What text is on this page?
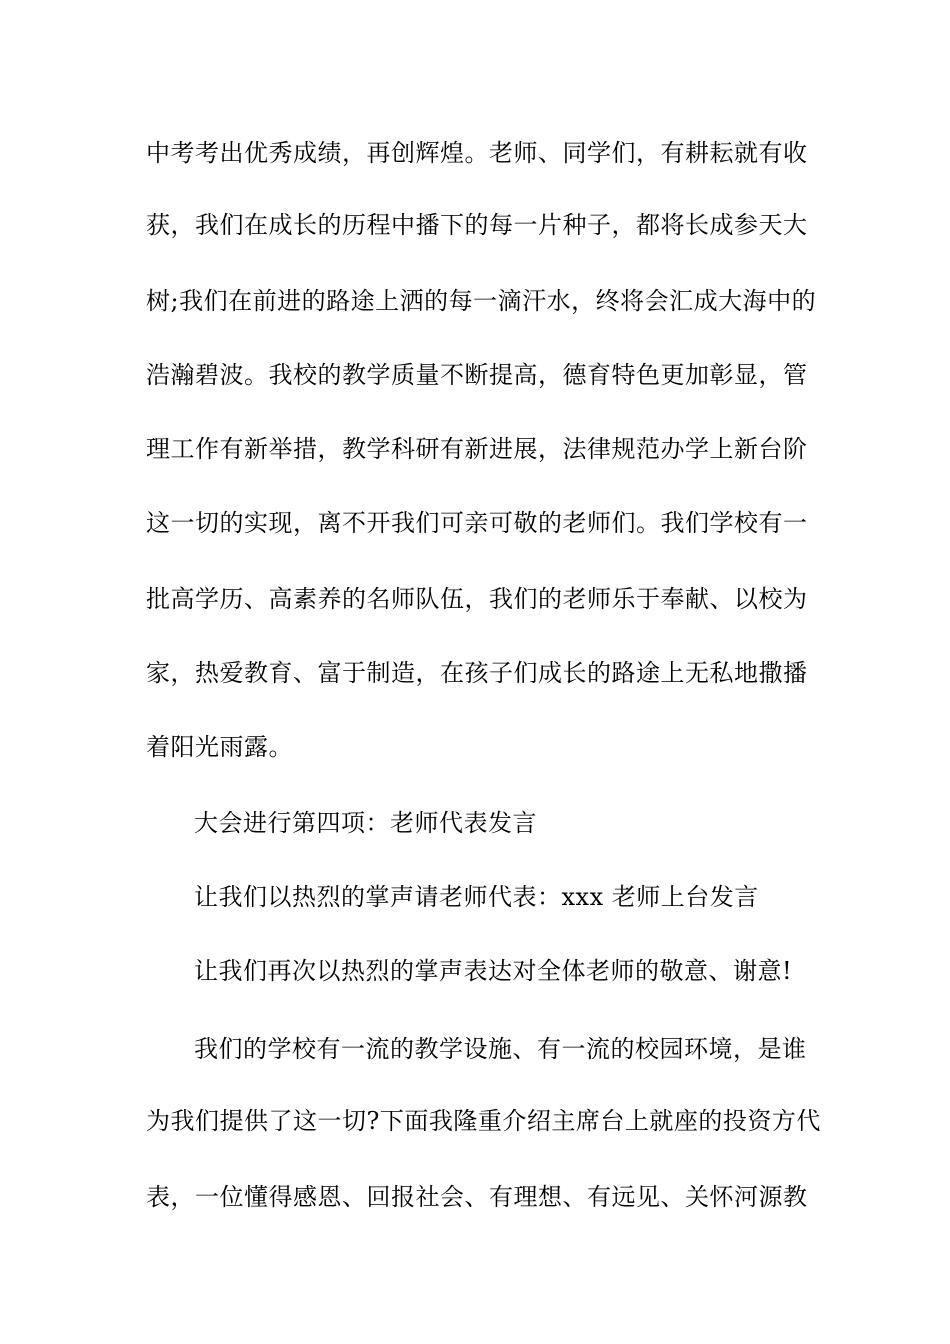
中考考出优秀成绩，再创辉煌。老师、同学们，有耕耘就有收
获，我们在成长的历程中播下的每一片种子，都将长成参天大
树;我们在前进的路途上洒的每一滴汗水，终将会汇成大海中的
浩瀚碧波。我校的教学质量不断提高，德育特色更加彰显，管
理工作有新举措，教学科研有新进展，法律规范办学上新台阶
这一切的实现，离不开我们可亲可敬的老师们。我们学校有一
批高学历、高素养的名师队伍，我们的老师乐于奉献、以校为
家，热爱教育、富于制造，在孩子们成长的路途上无私地撒播
着阳光雨露。
大会进行第四项：老师代表发言
让我们以热烈的掌声请老师代表：xxx 老师上台发言
让我们再次以热烈的掌声表达对全体老师的敬意、谢意!
我们的学校有一流的教学设施、有一流的校园环境，是谁
为我们提供了这一切?下面我隆重介绍主席台上就座的投资方代
表，一位懂得感恩、回报社会、有理想、有远见、关怀河源教
